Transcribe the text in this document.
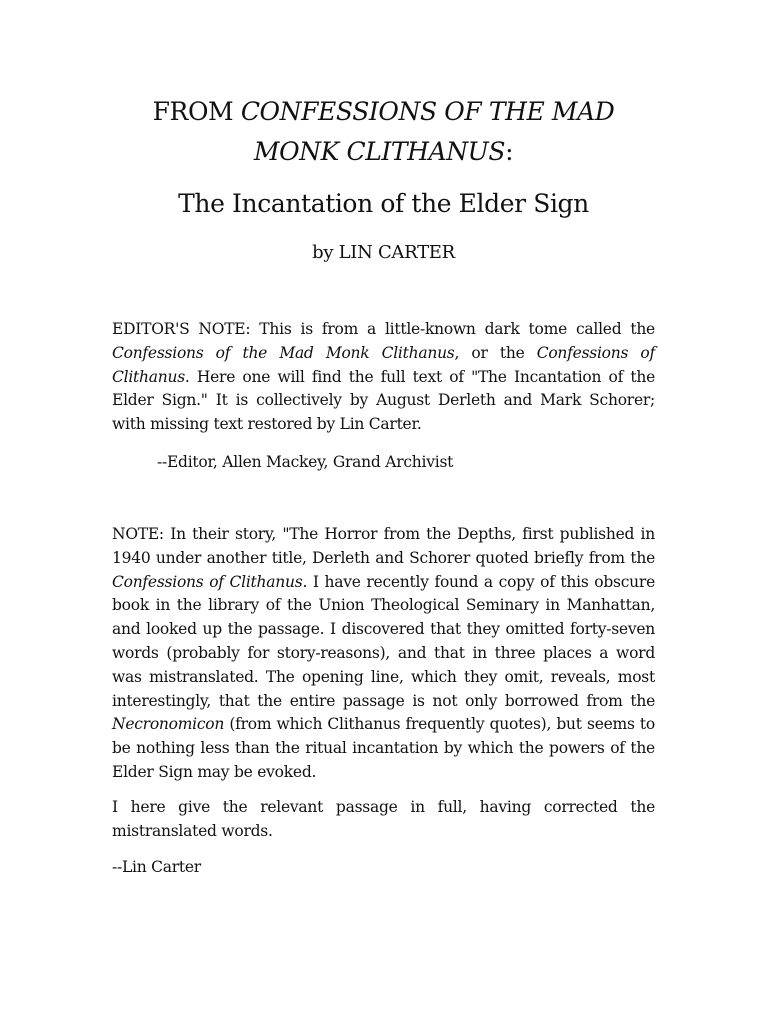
FROM CONFESSIONS OF THE MAD MONK CLITHANUS:
The Incantation of the Elder Sign
by LIN CARTER

EDITOR'S NOTE: This is from a little-known dark tome called the Confessions of the Mad Monk Clithanus, or the Confessions of Clithanus. Here one will find the full text of "The Incantation of the Elder Sign." It is collectively by August Derleth and Mark Schorer; with missing text restored by Lin Carter.

--Editor, Allen Mackey, Grand Archivist

NOTE: In their story, "The Horror from the Depths, first published in 1940 under another title, Derleth and Schorer quoted briefly from the Confessions of Clithanus. I have recently found a copy of this obscure book in the library of the Union Theological Seminary in Manhattan, and looked up the passage. I discovered that they omitted forty-seven words (probably for story-reasons), and that in three places a word was mistranslated. The opening line, which they omit, reveals, most interestingly, that the entire passage is not only borrowed from the Necronomicon (from which Clithanus frequently quotes), but seems to be nothing less than the ritual incantation by which the powers of the Elder Sign may be evoked.

I here give the relevant passage in full, having corrected the mistranslated words.

--Lin Carter
